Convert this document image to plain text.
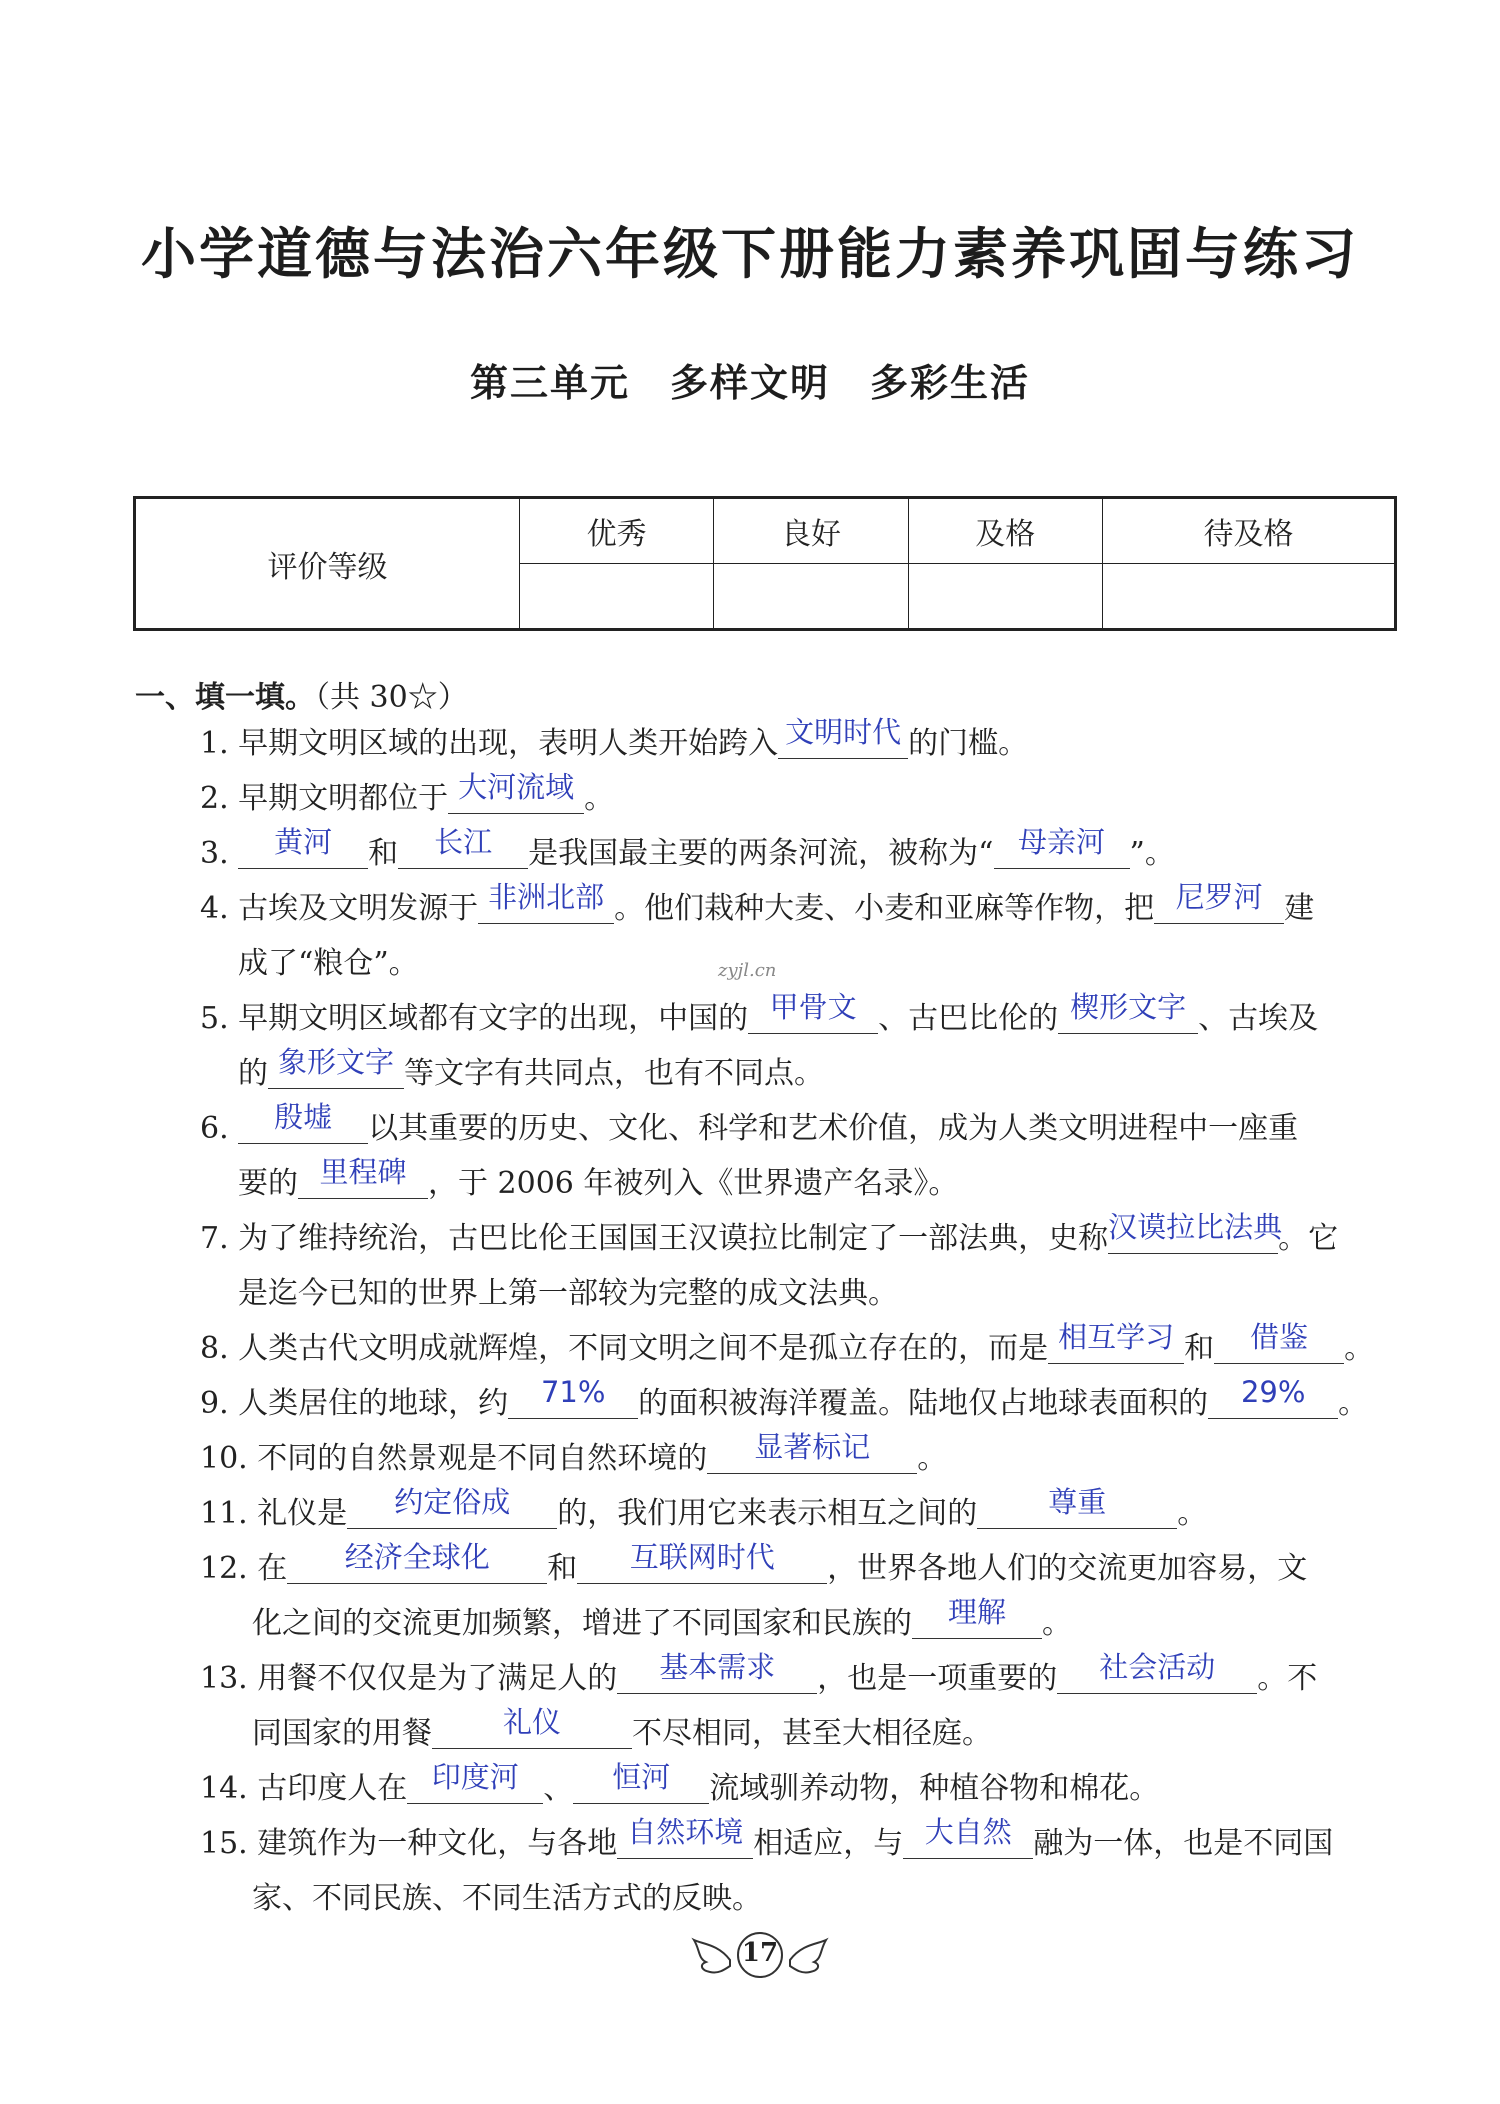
小学道德与法治六年级下册能力素养巩固与练习
第三单元　多样文明　多彩生活
评价等级	优秀	良好	及格	待及格

一、填一填。（共 30☆）
1. 早期文明区域的出现，表明人类开始跨入 文明时代 的门槛。
2. 早期文明都位于 大河流域 。
3.	黄河	和	长江	是我国最主要的两条河流，被称为“ 母亲河 ”。
4. 古埃及文明发源于 非洲北部 。他们栽种大麦、小麦和亚麻等作物，把 尼罗河 建
成了“粮仓”。	zyjl.cn
5. 早期文明区域都有文字的出现，中国的 甲骨文 、古巴比伦的 楔形文字 、古埃及
的 象形文字 等文字有共同点，也有不同点。
6.	殷墟	以其重要的历史、文化、科学和艺术价值，成为人类文明进程中一座重
要的 里程碑 ，于 2006 年被列入《世界遗产名录》。
7. 为了维持统治，古巴比伦王国国王汉谟拉比制定了一部法典，史称 汉谟拉比法典
。它
是迄今已知的世界上第一部较为完整的成文法典。
8. 人类古代文明成就辉煌，不同文明之间不是孤立存在的，而是 相互学习 和	借鉴	。
9. 人类居住的地球，约	71%	的面积被海洋覆盖。陆地仅占地球表面积的	29%	。
10. 不同的自然景观是不同自然环境的	显著标记	。
11. 礼仪是	约定俗成	的，我们用它来表示相互之间的	尊重	。
12. 在	经济全球化	和	互联网时代	，世界各地人们的交流更加容易，文
化之间的交流更加频繁，增进了不同国家和民族的	理解	。
13. 用餐不仅仅是为了满足人的	基本需求	，也是一项重要的	社会活动	。不
同国家的用餐	礼仪	不尽相同，甚至大相径庭。
14. 古印度人在 印度河 、	恒河	流域驯养动物，种植谷物和棉花。
15. 建筑作为一种文化，与各地 自然环境 相适应，与 大自然 融为一体，也是不同国
家、不同民族、不同生活方式的反映。
17
